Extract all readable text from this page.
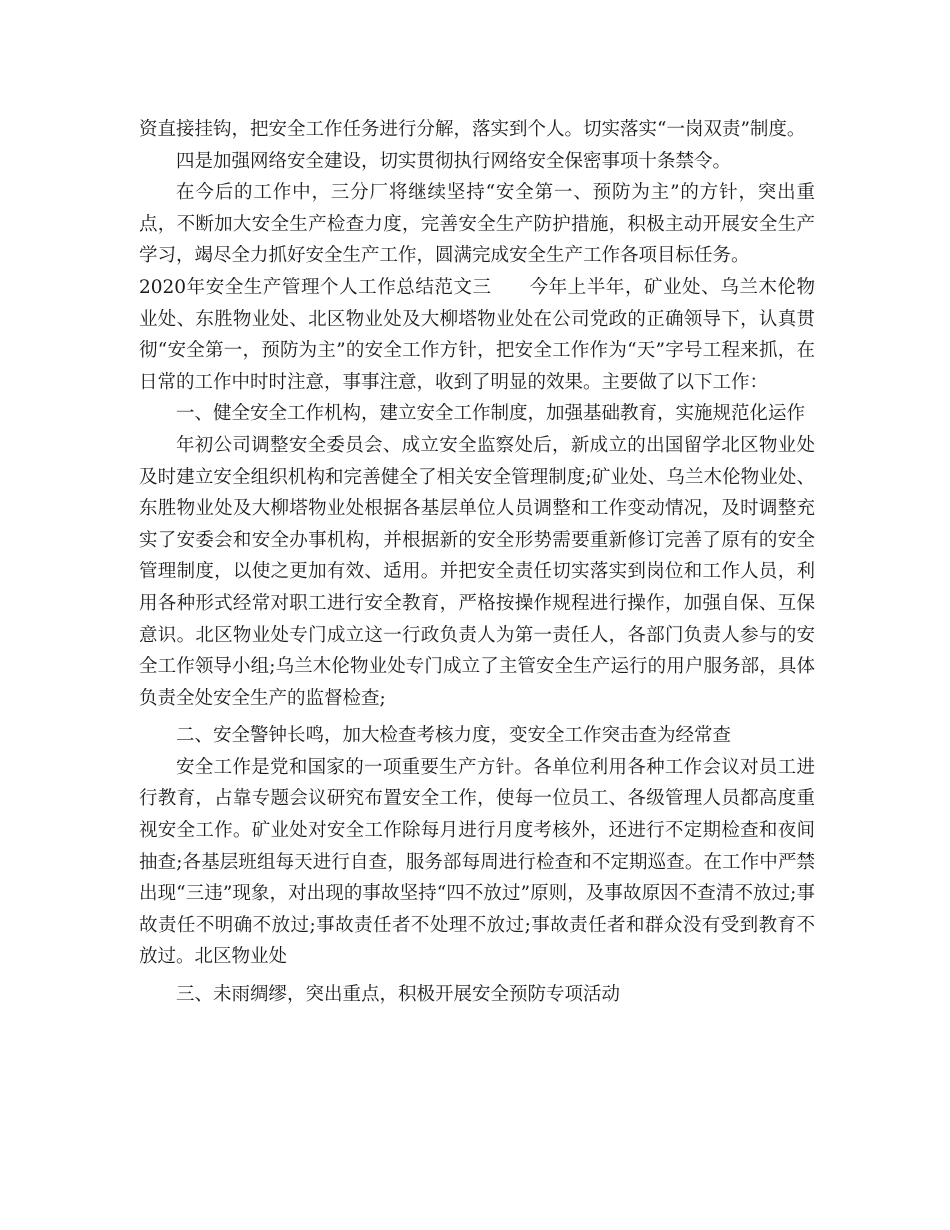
资直接挂钩，把安全工作任务进行分解，落实到个人。切实落实“一岗双责”制度。

四是加强网络安全建设，切实贯彻执行网络安全保密事项十条禁令。

在今后的工作中，三分厂将继续坚持“安全第一、预防为主”的方针，突出重点，不断加大安全生产检查力度，完善安全生产防护措施，积极主动开展安全生产学习，竭尽全力抓好安全生产工作，圆满完成安全生产工作各项目标任务。

2020年安全生产管理个人工作总结范文三　　今年上半年，矿业处、乌兰木伦物业处、东胜物业处、北区物业处及大柳塔物业处在公司党政的正确领导下，认真贯彻“安全第一，预防为主”的安全工作方针，把安全工作作为“天”字号工程来抓，在日常的工作中时时注意，事事注意，收到了明显的效果。主要做了以下工作：

一、健全安全工作机构，建立安全工作制度，加强基础教育，实施规范化运作

年初公司调整安全委员会、成立安全监察处后，新成立的出国留学北区物业处及时建立安全组织机构和完善健全了相关安全管理制度;矿业处、乌兰木伦物业处、东胜物业处及大柳塔物业处根据各基层单位人员调整和工作变动情况，及时调整充实了安委会和安全办事机构，并根据新的安全形势需要重新修订完善了原有的安全管理制度，以使之更加有效、适用。并把安全责任切实落实到岗位和工作人员，利用各种形式经常对职工进行安全教育，严格按操作规程进行操作，加强自保、互保意识。北区物业处专门成立这一行政负责人为第一责任人，各部门负责人参与的安全工作领导小组;乌兰木伦物业处专门成立了主管安全生产运行的用户服务部，具体负责全处安全生产的监督检查;

二、安全警钟长鸣，加大检查考核力度，变安全工作突击查为经常查

安全工作是党和国家的一项重要生产方针。各单位利用各种工作会议对员工进行教育，占靠专题会议研究布置安全工作，使每一位员工、各级管理人员都高度重视安全工作。矿业处对安全工作除每月进行月度考核外，还进行不定期检查和夜间抽查;各基层班组每天进行自查，服务部每周进行检查和不定期巡查。在工作中严禁出现“三违”现象，对出现的事故坚持“四不放过”原则，及事故原因不查清不放过;事故责任不明确不放过;事故责任者不处理不放过;事故责任者和群众没有受到教育不放过。北区物业处

三、未雨绸缪，突出重点，积极开展安全预防专项活动
